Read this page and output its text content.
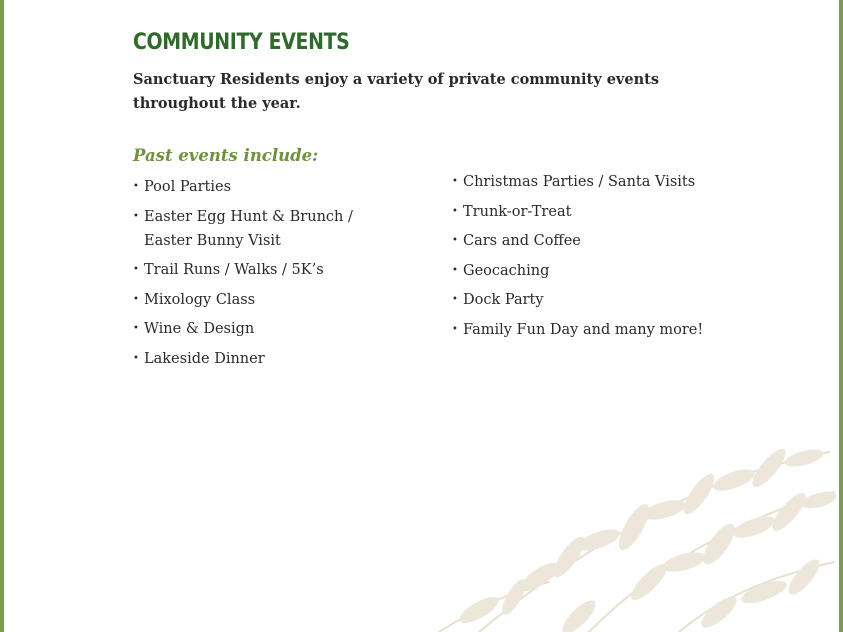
COMMUNITY EVENTS

Sanctuary Residents enjoy a variety of private community events throughout the year.

Past events include:

• Pool Parties
• Easter Egg Hunt & Brunch / Easter Bunny Visit
• Trail Runs / Walks / 5K’s
• Mixology Class
• Wine & Design
• Lakeside Dinner
• Christmas Parties / Santa Visits
• Trunk-or-Treat
• Cars and Coffee
• Geocaching
• Dock Party
• Family Fun Day and many more!
